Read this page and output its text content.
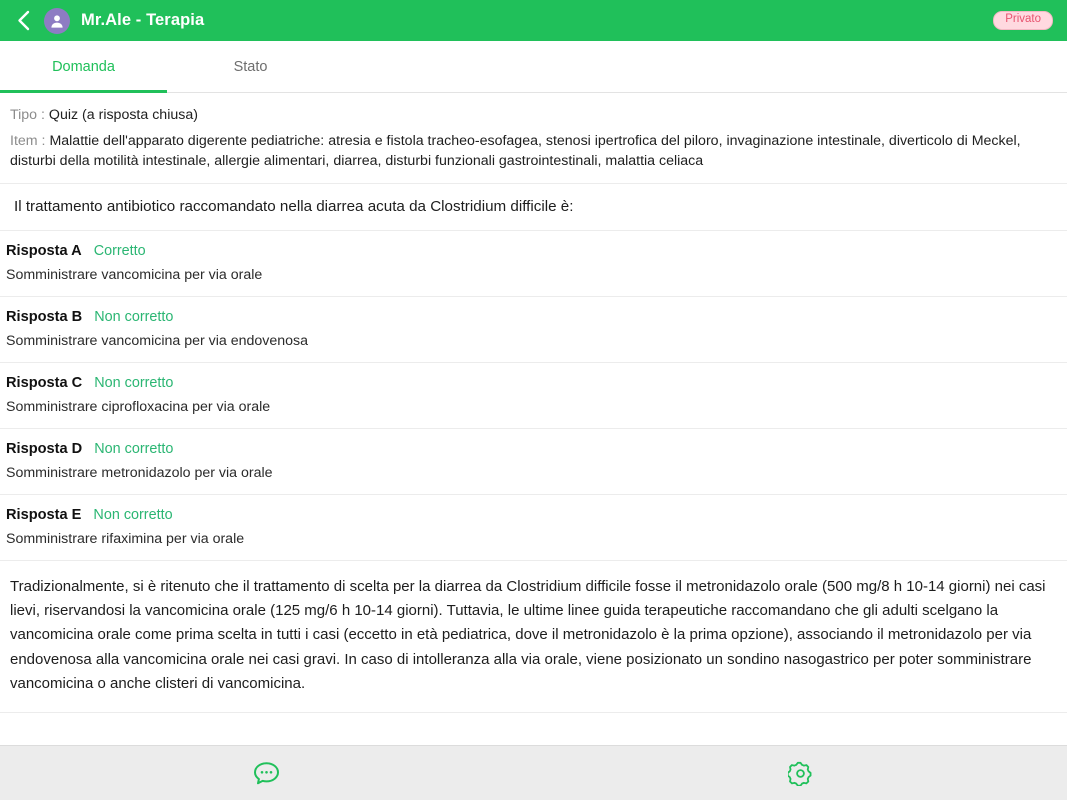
Mr.Ale - Terapia	Privato
Domanda	Stato
Tipo : Quiz (a risposta chiusa)
Item : Malattie dell'apparato digerente pediatriche: atresia e fistola tracheo-esofagea, stenosi ipertrofica del piloro, invaginazione intestinale, diverticolo di Meckel, disturbi della motilità intestinale, allergie alimentari, diarrea, disturbi funzionali gastrointestinali, malattia celiaca
Il trattamento antibiotico raccomandato nella diarrea acuta da Clostridium difficile è:
Risposta A Corretto
Somministrare vancomicina per via orale
Risposta B Non corretto
Somministrare vancomicina per via endovenosa
Risposta C Non corretto
Somministrare ciprofloxacina per via orale
Risposta D Non corretto
Somministrare metronidazolo per via orale
Risposta E Non corretto
Somministrare rifaximina per via orale
Tradizionalmente, si è ritenuto che il trattamento di scelta per la diarrea da Clostridium difficile fosse il metronidazolo orale (500 mg/8 h 10-14 giorni) nei casi lievi, riservandosi la vancomicina orale (125 mg/6 h 10-14 giorni). Tuttavia, le ultime linee guida terapeutiche raccomandano che gli adulti scelgano la vancomicina orale come prima scelta in tutti i casi (eccetto in età pediatrica, dove il metronidazolo è la prima opzione), associando il metronidazolo per via endovenosa alla vancomicina orale nei casi gravi. In caso di intolleranza alla via orale, viene posizionato un sondino nasogastrico per poter somministrare vancomicina o anche clisteri di vancomicina.
